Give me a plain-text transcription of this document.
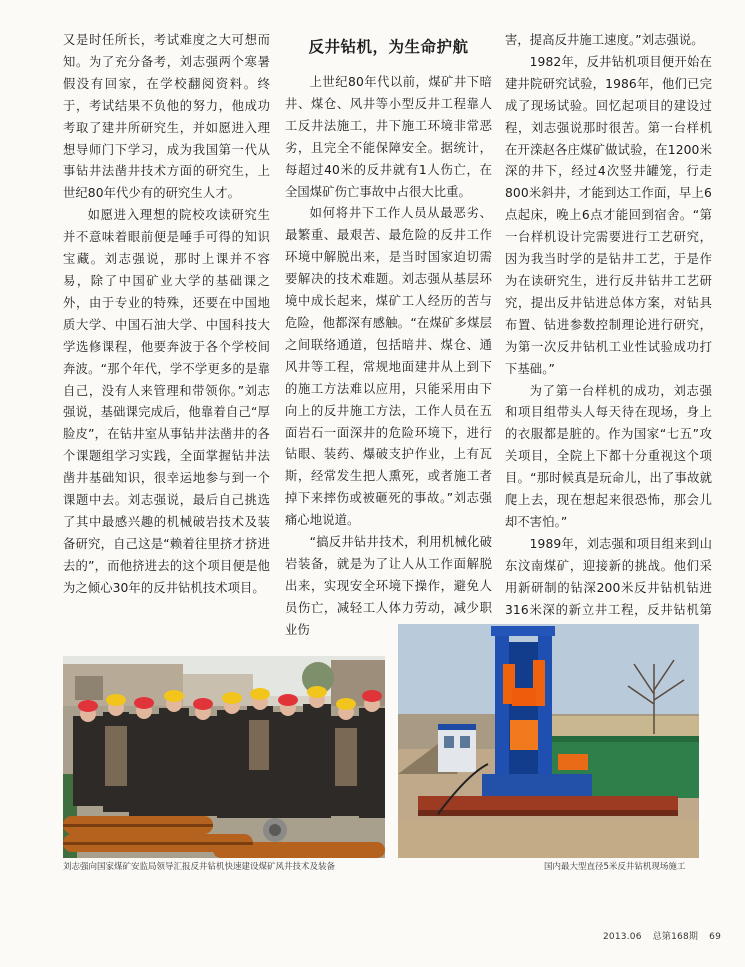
又是时任所长，考试难度之大可想而知。为了充分备考，刘志强两个寒暑假没有回家，在学校翻阅资料。终于，考试结果不负他的努力，他成功考取了建井所研究生，并如愿进入理想导师门下学习，成为我国第一代从事钻井法凿井技术方面的研究生，上世纪80年代少有的研究生人才。

如愿进入理想的院校攻读研究生并不意味着眼前便是唾手可得的知识宝藏。刘志强说，那时上课并不容易，除了中国矿业大学的基础课之外，由于专业的特殊，还要在中国地质大学、中国石油大学、中国科技大学选修课程，他要奔波于各个学校间奔波。“那个年代，学不学更多的是靠自己，没有人来管理和带领你。”刘志强说，基础课完成后，他靠着自己“厚脸皮”，在钻井室从事钻井法凿井的各个课题组学习实践，全面掌握钻井法凿井基础知识，很幸运地参与到一个课题中去。刘志强说，最后自己挑选了其中最感兴趣的机械破岩技术及装备研究，自己这是“赖着往里挤才挤进去的”，而他挤进去的这个项目便是他为之倾心30年的反井钻机技术项目。

反井钻机，为生命护航

上世纪80年代以前，煤矿井下暗井、煤仓、风井等小型反井工程靠人工反井法施工，井下施工环境非常恶劣，且完全不能保障安全。据统计，每超过40米的反井就有1人伤亡，在全国煤矿伤亡事故中占很大比重。

如何将井下工作人员从最恶劣、最繁重、最艰苦、最危险的反井工作环境中解脱出来，是当时国家迫切需要解决的技术难题。刘志强从基层环境中成长起来，煤矿工人经历的苦与危险，他都深有感触。“在煤矿多煤层之间联络通道，包括暗井、煤仓、通风井等工程，常规地面建井从上到下的施工方法难以应用，只能采用由下向上的反井施工方法，工作人员在五面岩石一面深井的危险环境下，进行钻眼、装药、爆破支护作业，上有瓦斯，经常发生把人熏死，或者施工者掉下来摔伤或被砸死的事故。”刘志强痛心地说道。

“搞反井钻井技术，利用机械化破岩装备，就是为了让人从工作面解脱出来，实现安全环境下操作，避免人员伤亡，减轻工人体力劳动，减少职业伤

害，提高反井施工速度。”刘志强说。

1982年，反井钻机项目便开始在建井院研究试验，1986年，他们已完成了现场试验。回忆起项目的建设过程，刘志强说那时很苦。第一台样机在开滦赵各庄煤矿做试验，在1200米深的井下，经过4次竖井罐笼，行走800米斜井，才能到达工作面，早上6点起床，晚上6点才能回到宿舍。“第一台样机设计完需要进行工艺研究，因为我当时学的是钻井工艺，于是作为在读研究生，进行反井钻井工艺研究，提出反井钻进总体方案，对钻具布置、钻进参数控制理论进行研究，为第一次反井钻机工业性试验成功打下基础。”

为了第一台样机的成功，刘志强和项目组带头人每天待在现场，身上的衣服都是脏的。作为国家“七五”攻关项目，全院上下都十分重视这个项目。“那时候真是玩命儿，出了事故就爬上去，现在想起来很恐怖，那会儿却不害怕。”

1989年，刘志强和项目组来到山东汶南煤矿，迎接新的挑战。他们采用新研制的钻深200米反井钻机钻进316米深的新立井工程，反井钻机第

刘志强向国家煤矿安监局领导汇报反井钻机快速建设煤矿风井技术及装备	国内最大型直径5米反井钻机现场施工
2013.06 总第168期 69
